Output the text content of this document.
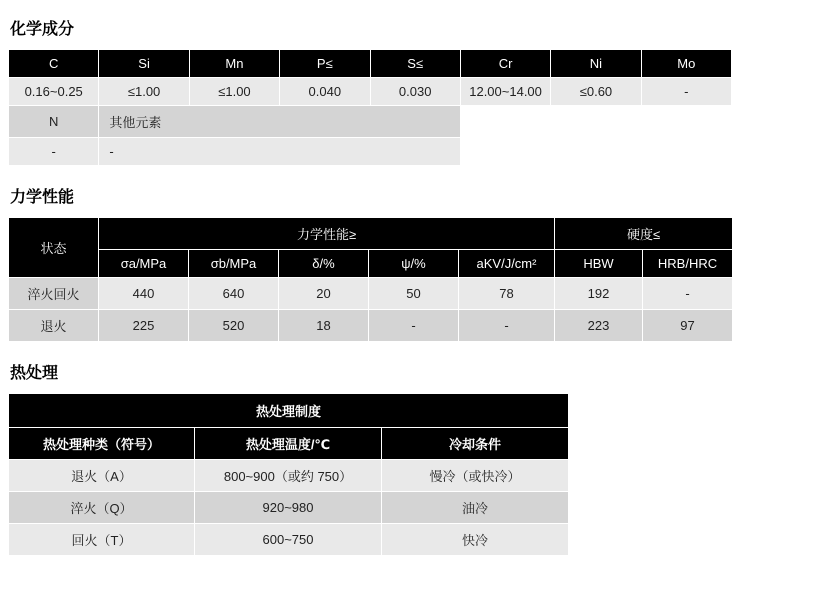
化学成分
C	Si	Mn	P≤	S≤	Cr	Ni	Mo
0.16~0.25	≤1.00	≤1.00	0.040	0.030	12.00~14.00	≤0.60	-
N	其他元素						
-	-						
力学性能
状态	力学性能≥					硬度≤	
	σa/MPa	σb/MPa	δ/%	ψ/%	aKV/J/cm²	HBW	HRB/HRC
淬火回火	440	640	20	50	78	192	-
退火	225	520	18	-	-	223	97
热处理
热处理制度		
热处理种类（符号）	热处理温度/℃	冷却条件
退火（A）	800~900（或约 750）	慢冷（或快冷）
淬火（Q）	920~980	油冷
回火（T）	600~750	快冷
